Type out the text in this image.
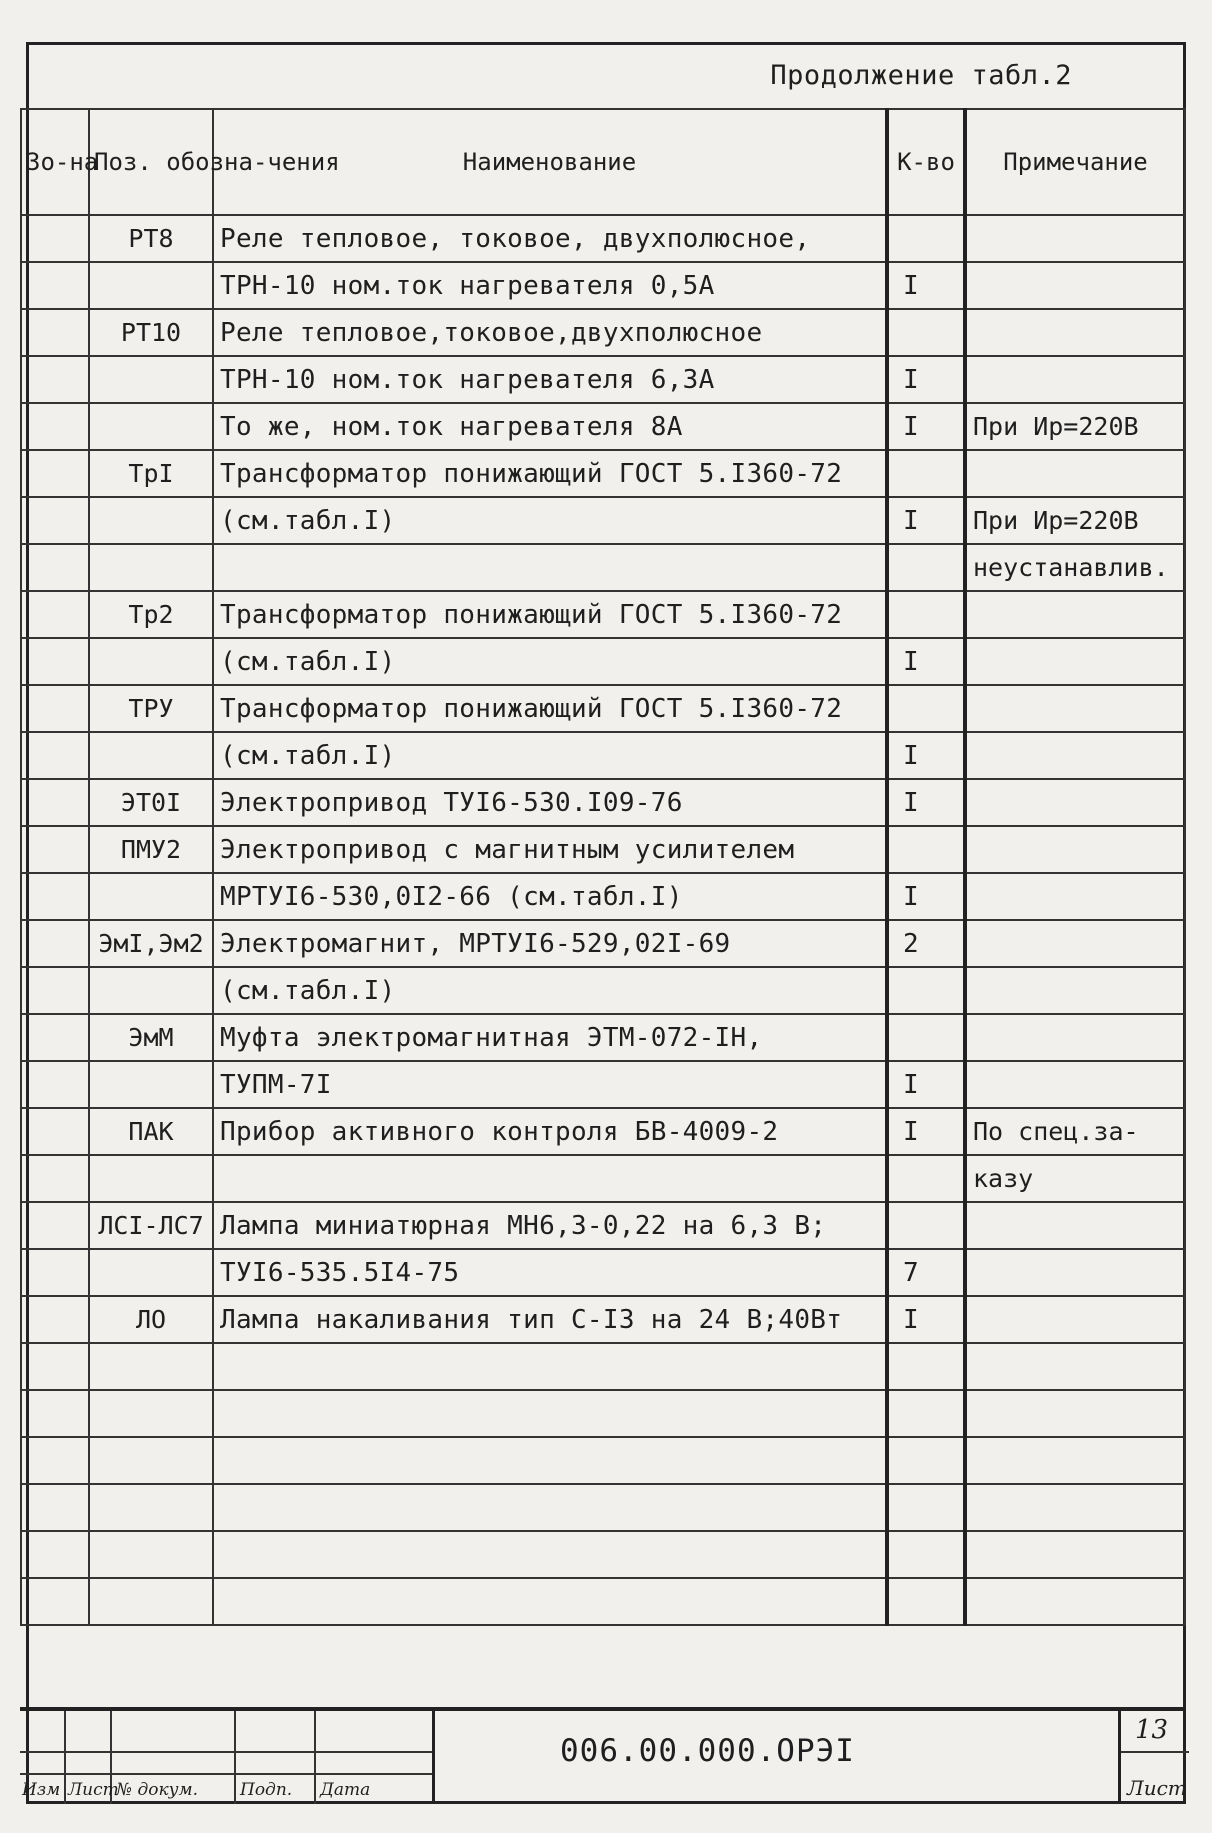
Продолжение табл.2
Зо-на	Поз. обозна-чения	Наименование	К-во	Примечание
	РТ8	Реле тепловое, токовое, двухполюсное,		
		ТРН-10 ном.ток нагревателя 0,5А	I	
	РТ10	Реле тепловое,токовое,двухполюсное		
		ТРН-10 ном.ток нагревателя 6,3А	I	
		То же, ном.ток нагревателя 8А	I	При Ир=220В
	ТрI	Трансформатор понижающий ГОСТ 5.I360-72		
		(см.табл.I)	I	При Ир=220В
				неустанавлив.
	Тр2	Трансформатор понижающий ГОСТ 5.I360-72		
		(см.табл.I)	I	
	ТРУ	Трансформатор понижающий ГОСТ 5.I360-72		
		(см.табл.I)	I	
	ЭТ0I	Электропривод ТУI6-530.I09-76	I	
	ПМУ2	Электропривод с магнитным усилителем		
		МРТУI6-530,0I2-66 (см.табл.I)	I	
	ЭмI,Эм2	Электромагнит, МРТУI6-529,02I-69	2	
		(см.табл.I)		
	ЭмМ	Муфта электромагнитная ЭТМ-072-IН,		
		ТУПМ-7I	I	
	ПАК	Прибор активного контроля БВ-4009-2	I	По спец.за-
				казу
	ЛСI-ЛС7	Лампа миниатюрная МН6,3-0,22 на 6,3 В;		
		ТУI6-535.5I4-75	7	
	ЛО	Лампа накаливания тип С-I3 на 24 В;40Вт	I	

Изм Лист
№ докум. Подп. Дата
006.00.000.ОРЭI
13
Лист
